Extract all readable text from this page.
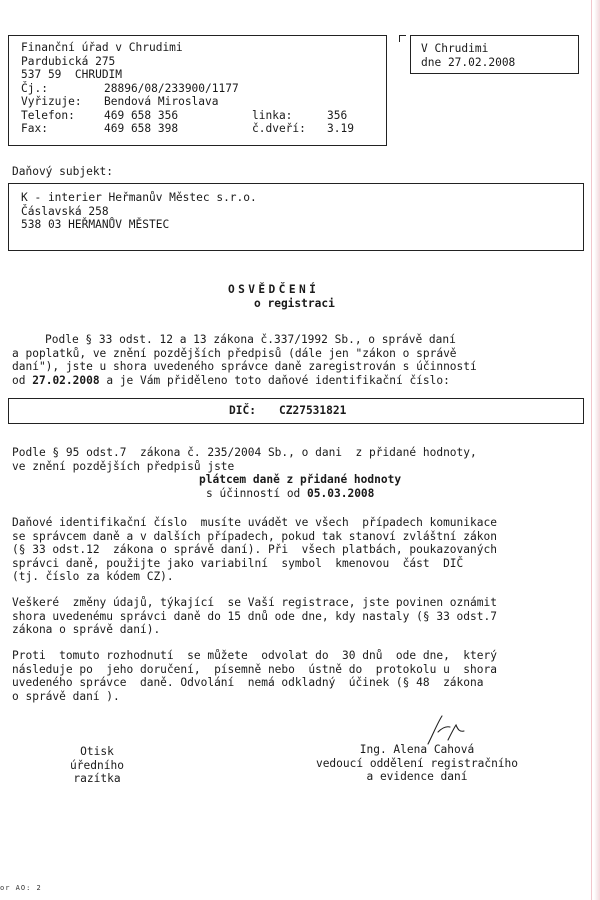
Finanční úřad v Chrudimi
Pardubická 275
537 59  CHRUDIM
Čj.:	28896/08/233900/1177
Vyřizuje: Bendová Miroslava
Telefon:	469 658 356	linka:	356
Fax:	469 658 398	č.dveří: 3.19
V Chrudimi
dne 27.02.2008
Daňový subjekt:
K - interier Heřmanův Městec s.r.o.
Čáslavská 258
538 03 HEŘMANŮV MĚSTEC
OSVĚDČENÍ
o registraci
Podle § 33 odst. 12 a 13 zákona č.337/1992 Sb., o správě daní
a poplatků, ve znění pozdějších předpisů (dále jen "zákon o správě
daní"), jste u shora uvedeného správce daně zaregistrován s účinností
od 27.02.2008 a je Vám přiděleno toto daňové identifikační číslo:
DIČ: CZ27531821
Podle § 95 odst.7  zákona č. 235/2004 Sb., o dani  z přidané hodnoty,
ve znění pozdějších předpisů jste
plátcem daně z přidané hodnoty
s účinností od 05.03.2008
Daňové identifikační číslo  musíte uvádět ve všech  případech komunikace
se správcem daně a v dalších případech, pokud tak stanoví zvláštní zákon
(§ 33 odst.12  zákona o správě daní). Při  všech platbách, poukazovaných
správci daně, použijte jako variabilní  symbol  kmenovou  část  DIČ
(tj. číslo za kódem CZ).
Veškeré  změny údajů, týkající  se Vaší registrace, jste povinen oznámit
shora uvedenému správci daně do 15 dnů ode dne, kdy nastaly (§ 33 odst.7
zákona o správě daní).
Proti  tomuto rozhodnutí  se můžete  odvolat do  30 dnů  ode dne,  který
následuje po  jeho doručení,  písemně nebo  ústně do  protokolu u  shora
uvedeného správce  daně. Odvolání  nemá odkladný  účinek (§ 48  zákona
o správě daní ).
Otisk
úředního
razítka
Ing. Alena Cahová
vedoucí oddělení registračního
a evidence daní
or AO: 2
